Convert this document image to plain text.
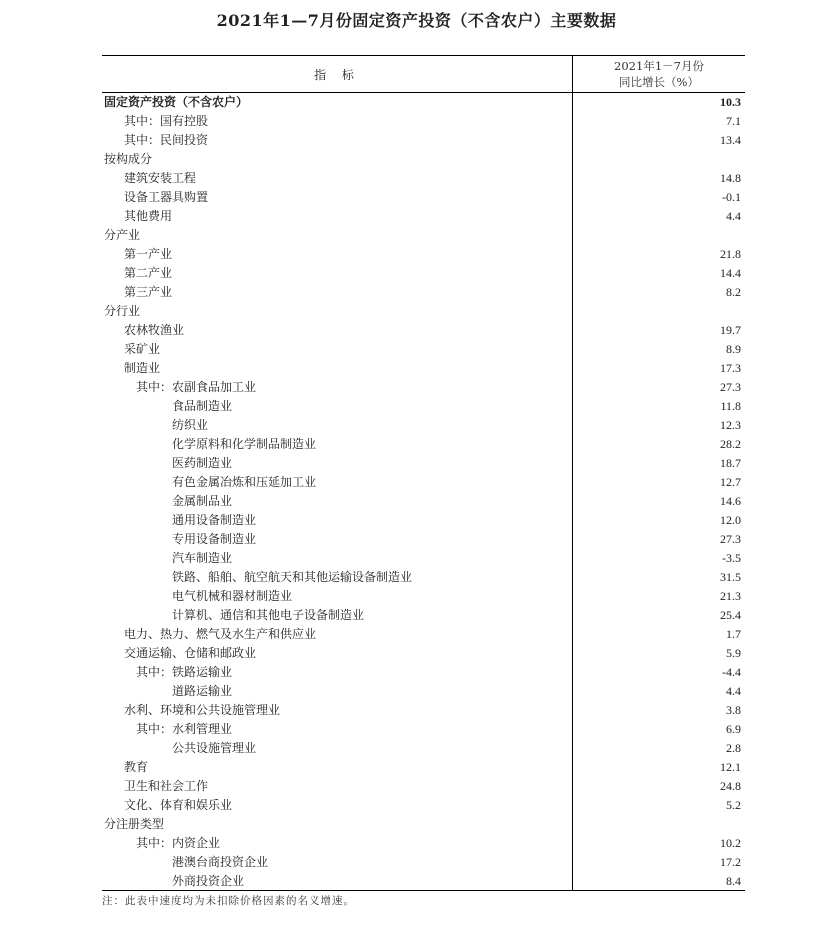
2021年1—7月份固定资产投资（不含农户）主要数据
指 标
2021年1－7月份
同比增长（%）
固定资产投资（不含农户）	10.3
其中：国有控股	7.1
其中：民间投资	13.4
按构成分
建筑安装工程	14.8
设备工器具购置	-0.1
其他费用	4.4
分产业
第一产业	21.8
第二产业	14.4
第三产业	8.2
分行业
农林牧渔业	19.7
采矿业	8.9
制造业	17.3
其中：农副食品加工业	27.3
食品制造业	11.8
纺织业	12.3
化学原料和化学制品制造业	28.2
医药制造业	18.7
有色金属冶炼和压延加工业	12.7
金属制品业	14.6
通用设备制造业	12.0
专用设备制造业	27.3
汽车制造业	-3.5
铁路、船舶、航空航天和其他运输设备制造业	31.5
电气机械和器材制造业	21.3
计算机、通信和其他电子设备制造业	25.4
电力、热力、燃气及水生产和供应业	1.7
交通运输、仓储和邮政业	5.9
其中：铁路运输业	-4.4
道路运输业	4.4
水利、环境和公共设施管理业	3.8
其中：水利管理业	6.9
公共设施管理业	2.8
教育	12.1
卫生和社会工作	24.8
文化、体育和娱乐业	5.2
分注册类型
其中：内资企业	10.2
港澳台商投资企业	17.2
外商投资企业	8.4
注：此表中速度均为未扣除价格因素的名义增速。
